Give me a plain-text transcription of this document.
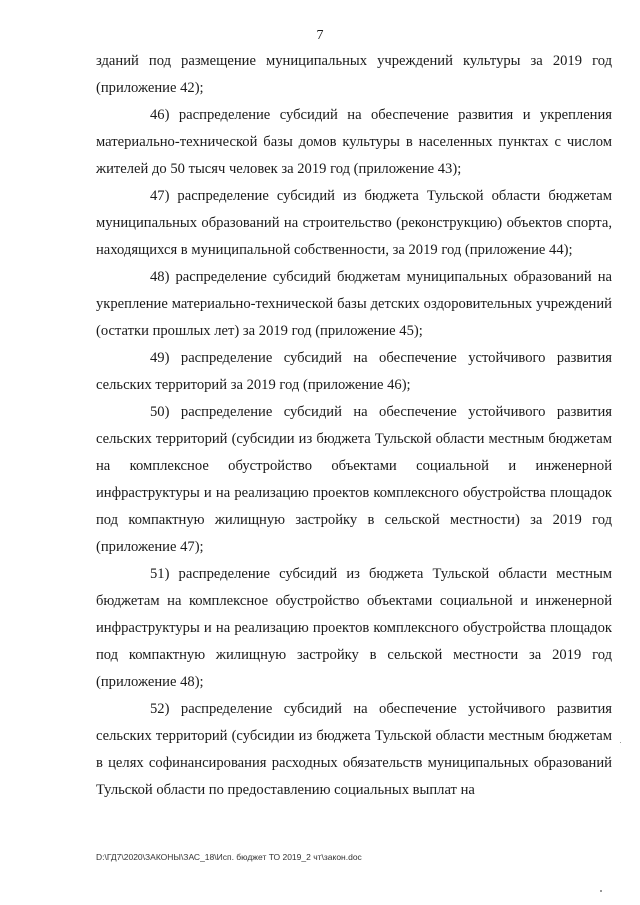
7

зданий под размещение муниципальных учреждений культуры за 2019 год (приложение 42);

46) распределение субсидий на обеспечение развития и укрепления материально-технической базы домов культуры в населенных пунктах с числом жителей до 50 тысяч человек за 2019 год (приложение 43);

47) распределение субсидий из бюджета Тульской области бюджетам муниципальных образований на строительство (реконструкцию) объектов спорта, находящихся в муниципальной собственности, за 2019 год (приложение 44);

48) распределение субсидий бюджетам муниципальных образований на укрепление материально-технической базы детских оздоровительных учреждений (остатки прошлых лет) за 2019 год (приложение 45);

49) распределение субсидий на обеспечение устойчивого развития сельских территорий за 2019 год (приложение 46);

50) распределение субсидий на обеспечение устойчивого развития сельских территорий (субсидии из бюджета Тульской области местным бюджетам на комплексное обустройство объектами социальной и инженерной инфраструктуры и на реализацию проектов комплексного обустройства площадок под компактную жилищную застройку в сельской местности) за 2019 год (приложение 47);

51) распределение субсидий из бюджета Тульской области местным бюджетам на комплексное обустройство объектами социальной и инженерной инфраструктуры и на реализацию проектов комплексного обустройства площадок под компактную жилищную застройку в сельской местности за 2019 год (приложение 48);

52) распределение субсидий на обеспечение устойчивого развития сельских территорий (субсидии из бюджета Тульской области местным бюджетам в целях софинансирования расходных обязательств муниципальных образований Тульской области по предоставлению социальных выплат на

D:\ГД7\2020\ЗАКОНЫ\ЗАС_18\Исп. бюджет ТО 2019_2 чт\закон.doc
